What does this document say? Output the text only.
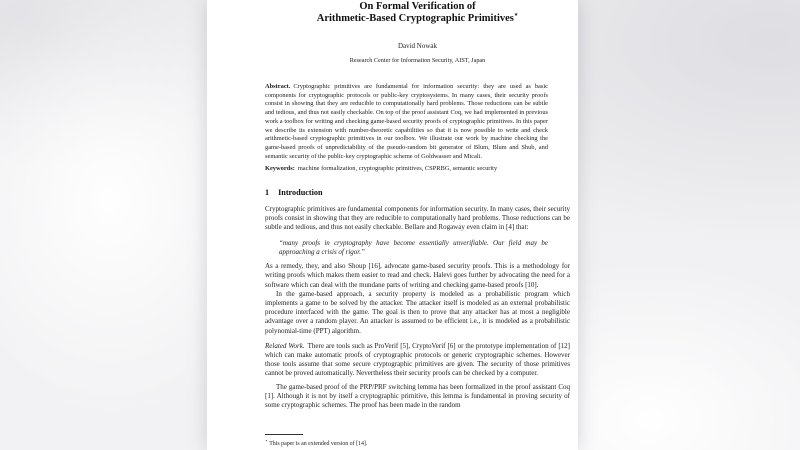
On Formal Verification of
Arithmetic-Based Cryptographic Primitives⋆
David Nowak
Research Center for Information Security, AIST, Japan
Abstract. Cryptographic primitives are fundamental for information security: they are used as basic components for cryptographic protocols or public-key cryptosystems. In many cases, their security proofs consist in showing that they are reducible to computationally hard problems. Those reductions can be subtle and tedious, and thus not easily checkable. On top of the proof assistant Coq, we had implemented in previous work a toolbox for writing and checking game-based security proofs of cryptographic primitives. In this paper we describe its extension with number-theoretic capabilities so that it is now possible to write and check arithmetic-based cryptographic primitives in our toolbox. We illustrate our work by machine checking the game-based proofs of unpredictability of the pseudo-random bit generator of Blum, Blum and Shub, and semantic security of the public-key cryptographic scheme of Goldwasser and Micali.
Keywords: machine formalization, cryptographic primitives, CSPRBG, semantic security
1 Introduction

Cryptographic primitives are fundamental components for information security. In many cases, their security proofs consist in showing that they are reducible to computationally hard problems. Those reductions can be subtle and tedious, and thus not easily checkable. Bellare and Rogaway even claim in [4] that:

“many proofs in cryptography have become essentially unverifiable. Our field may be approaching a crisis of rigor.”

As a remedy, they, and also Shoup [16], advocate game-based security proofs. This is a methodology for writing proofs which makes them easier to read and check. Halevi goes further by advocating the need for a software which can deal with the mundane parts of writing and checking game-based proofs [10].

In the game-based approach, a security property is modeled as a probabilistic program which implements a game to be solved by the attacker. The attacker itself is modeled as an external probabilistic procedure interfaced with the game. The goal is then to prove that any attacker has at most a negligible advantage over a random player. An attacker is assumed to be efficient i.e., it is modeled as a probabilistic polynomial-time (PPT) algorithm.

Related Work. There are tools such as ProVerif [5], CryptoVerif [6] or the prototype implementation of [12] which can make automatic proofs of cryptographic protocols or generic cryptographic schemes. However those tools assume that some secure cryptographic primitives are given. The security of those primitives cannot be proved automatically. Nevertheless their security proofs can be checked by a computer.

The game-based proof of the PRP/PRF switching lemma has been formalized in the proof assistant Coq [1]. Although it is not by itself a cryptographic primitive, this lemma is fundamental in proving security of some cryptographic schemes. The proof has been made in the random

⋆ This paper is an extended version of [14].
